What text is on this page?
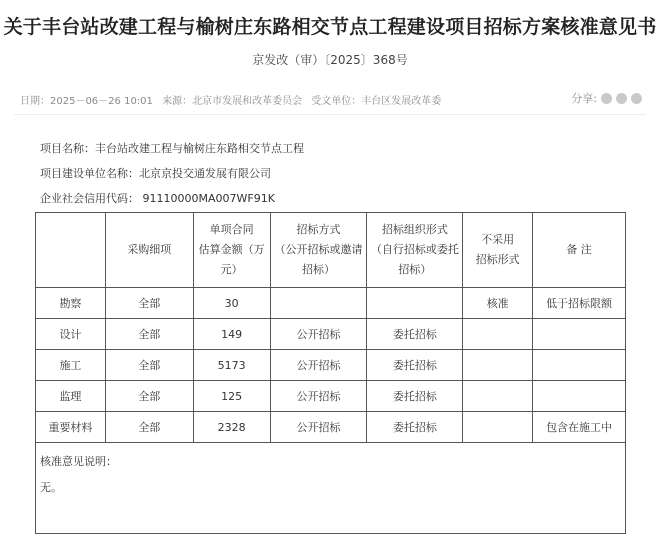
关于丰台站改建工程与榆树庄东路相交节点工程建设项目招标方案核准意见书
京发改（审）〔2025〕368号
日期：2025－06－26 10:01 来源：北京市发展和改革委员会 受文单位：丰台区发展改革委	分享:
项目名称：丰台站改建工程与榆树庄东路相交节点工程
项目建设单位名称：北京京投交通发展有限公司
企业社会信用代码： 91110000MA007WF91K
	采购细项	单项合同
估算金额（万
元）	招标方式
（公开招标或邀请
招标）	招标组织形式
（自行招标或委托
招标）	不采用
招标形式	备 注
勘察	全部	30			核准	低于招标限额
设计	全部	149	公开招标	委托招标		
施工	全部	5173	公开招标	委托招标		
监理	全部	125	公开招标	委托招标		
重要材料	全部	2328	公开招标	委托招标		包含在施工中

核准意见说明：
无。						
